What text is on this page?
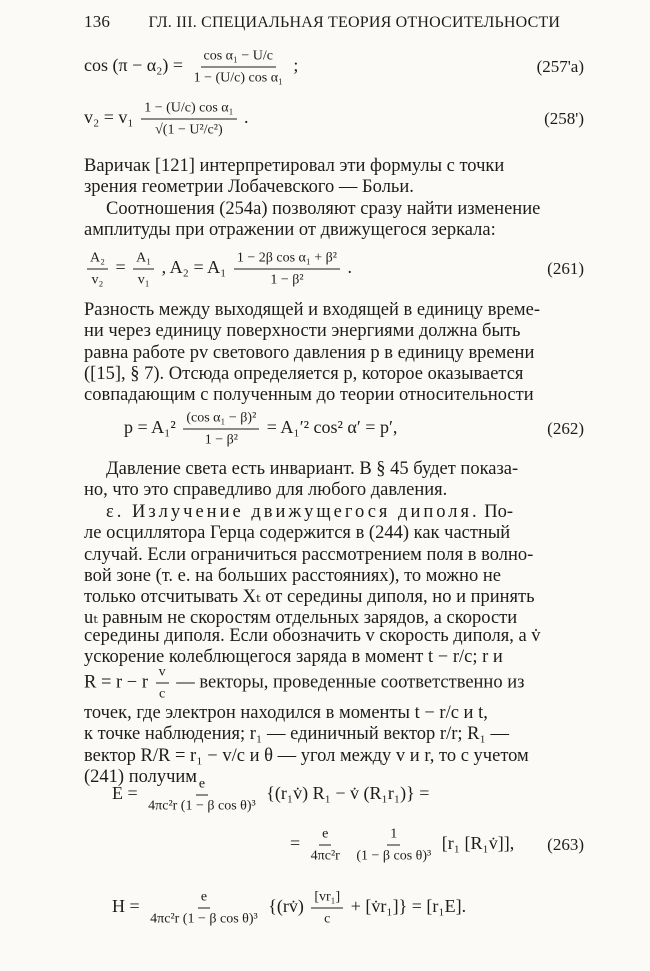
136 ГЛ. III. СПЕЦИАЛЬНАЯ ТЕОРИЯ ОТНОСИТЕЛЬНОСТИ
$\cos (\pi - \alpha_2) = \frac{\text{cos α₁ − U/c}}{\text{1 − (U/c) cos α₁}}$ ;	(257'a)
$v_2 = v_1 \frac{\text{1 − (U/c) cos α₁}}{\text{√(1 − U²/c²)}}$ .	(258')

Варичак [121] интерпретировал эти формулы с точки

зрения геометрии Лобачевского — Больи.

Соотношения (254а) позволяют сразу найти изменение

амплитуды при отражении от движущегося зеркала:

$\frac{\text{A₂}}{\text{v₂}} = \frac{\text{A₁}}{\text{v₁}}$ , $A_2 = A_1 \frac{\text{1 − 2β cos α₁ + β²}}{\text{1 − β²}}$ .	(261)

Разность между выходящей и входящей в единицу време-

ни через единицу поверхности энергиями должна быть

равна работе pv светового давления p в единицу времени

([15], § 7). Отсюда определяется p, которое оказывается

совпадающим с полученным до теории относительности

$p = A_1^2 \frac{\text{(cos α₁ − β)²}}{\text{1 − β²}} = A_1'^2$ cos² α′ = p′,	(262)

Давление света есть инвариант. В § 45 будет показа-

но, что это справедливо для любого давления.

ε. Излучение движущегося диполя. По-

ле осциллятора Герца содержится в (244) как частный

случай. Если ограничиться рассмотрением поля в волно-

вой зоне (т. е. на больших расстояниях), то можно не

только отсчитывать Xₜ от середины диполя, но и принять

uₜ равным не скоростям отдельных зарядов, а скорости

середины диполя. Если обозначить v скорость диполя, а v̇

ускорение колеблющегося заряда в момент t − r/c; r и

R = r − r $\frac{v}{c}$ — векторы, проведенные соответственно из

точек, где электрон находился в моменты t − r/c и t,

к точке наблюдения; r₁ — единичный вектор r/r; R₁ —

вектор R/R = r₁ − v/c и θ — угол между v и r, то с учетом

(241) получим

$E = \frac{e}{\text{4πc²r (1 − β cos θ)³}}$ {(r₁v̇) R₁ − v̇ (R₁r₁)} =
= $\frac{e}{\text{4πc²r}}$
$\frac{1}{\text{(1 − β cos θ)³}} [r_1$ [R₁v̇]], (263)
$H = \frac{e}{\text{4πc²r (1 − β cos θ)³}}$ {(rv̇) $\frac{\text{[vr₁]}}{c}$ + [v̇r₁]} = [r₁E].
